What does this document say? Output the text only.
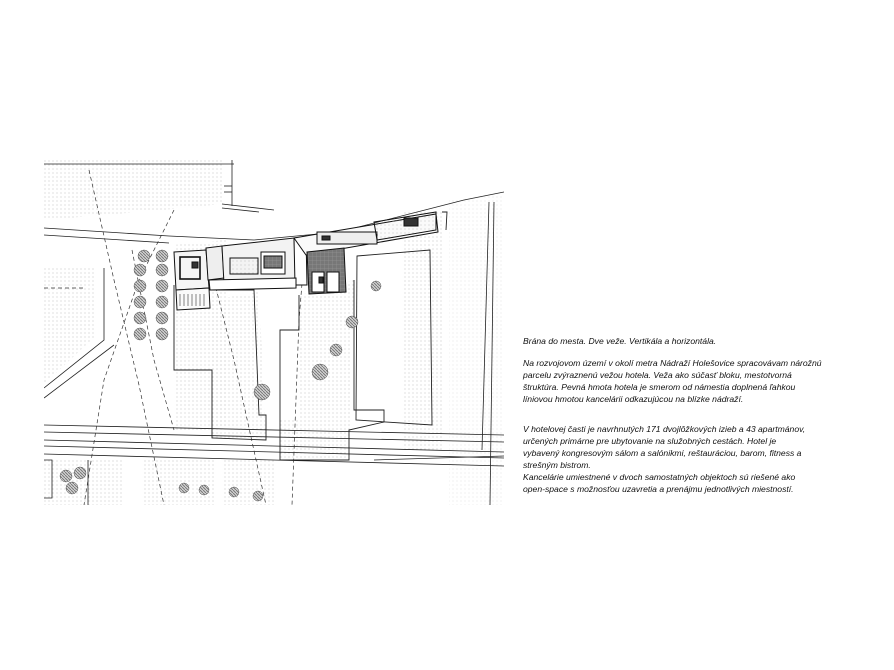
Brána do mesta. Dve veže. Vertikála a horizontála.

Na rozvojovom území v okolí metra Nádraží Holešovice spracovávam nárožnú
parcelu zvýraznenú vežou hotela. Veža ako súčasť bloku, mestotvorná
štruktúra. Pevná hmota hotela je smerom od námestia doplnená ľahkou
líniovou hmotou kancelárii odkazujúcou na blízke nádraží.

V hotelovej časti je navrhnutých 171 dvojlôžkových izieb a 43 apartmánov,
určených primárne pre ubytovanie na služobných cestách. Hotel je
vybavený kongresovým sálom a salónikmi, reštauráciou, barom, fitness a
strešným bistrom.

Kancelárie umiestnené v dvoch samostatných objektoch sú riešené ako
open-space s možnosťou uzavretia a prenájmu jednotlivých miestností.
